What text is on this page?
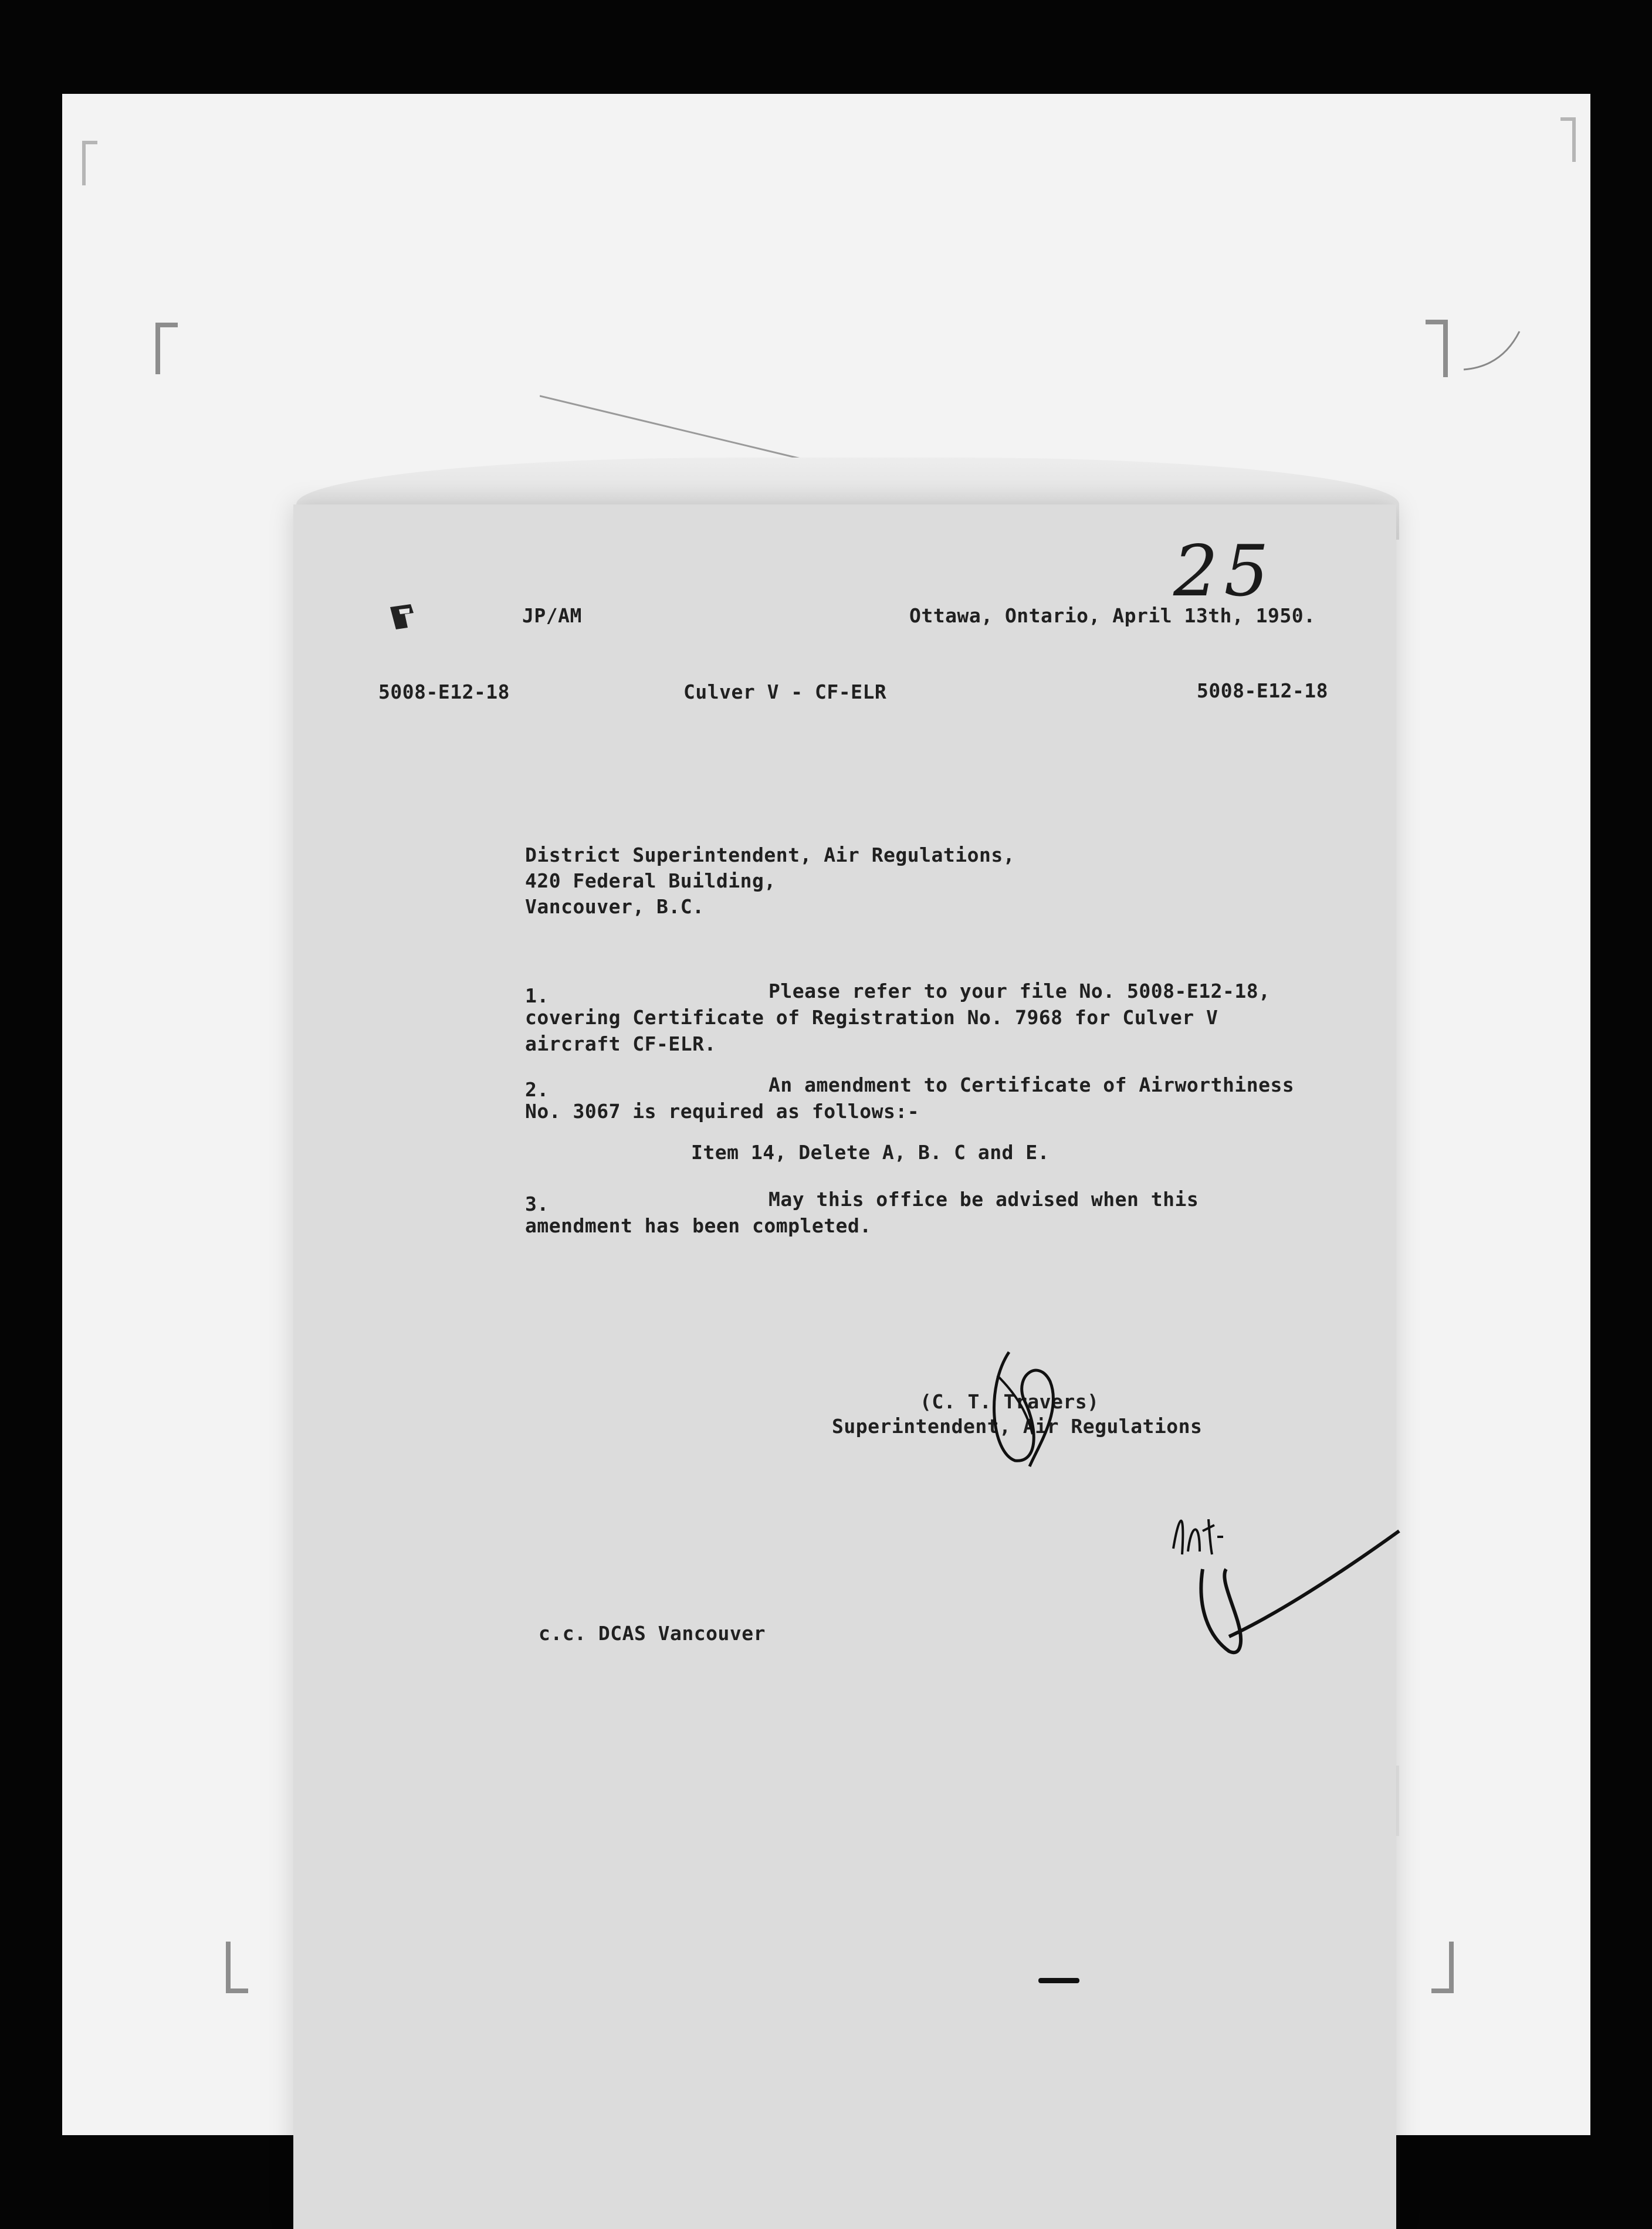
25
JP/AM	Ottawa, Ontario, April 13th, 1950.
5008-E12-18	Culver V - CF-ELR	5008-E12-18
District Superintendent, Air Regulations,
420 Federal Building,
Vancouver, B.C.
1.	Please refer to your file No. 5008-E12-18,
covering Certificate of Registration No. 7968 for Culver V
aircraft CF-ELR.
2.	An amendment to Certificate of Airworthiness
No. 3067 is required as follows:-
Item 14, Delete A, B. C and E.
3.	May this office be advised when this
amendment has been completed.
(C. T. Travers)
Superintendent, Air Regulations
c.c. DCAS Vancouver
